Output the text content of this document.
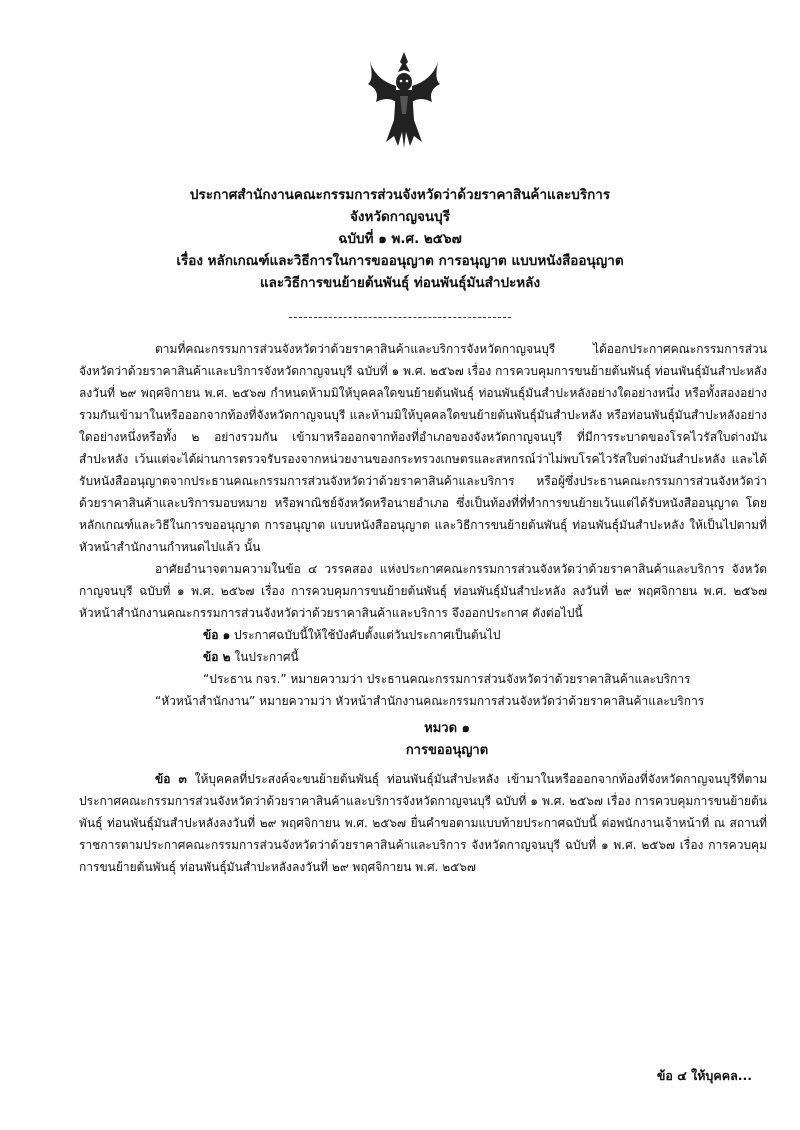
ประกาศสำนักงานคณะกรรมการส่วนจังหวัดว่าด้วยราคาสินค้าและบริการ
จังหวัดกาญจนบุรี
ฉบับที่ ๑ พ.ศ. ๒๕๖๗
เรื่อง หลักเกณฑ์และวิธีการในการขออนุญาต การอนุญาต แบบหนังสืออนุญาต
และวิธีการขนย้ายต้นพันธุ์ ท่อนพันธุ์มันสำปะหลัง

ตามที่คณะกรรมการส่วนจังหวัดว่าด้วยราคาสินค้าและบริการจังหวัดกาญจนบุรี ได้ออกประกาศคณะกรรมการส่วนจังหวัดว่าด้วยราคาสินค้าและบริการจังหวัดกาญจนบุรี ฉบับที่ ๑ พ.ศ. ๒๕๖๗ เรื่อง การควบคุมการขนย้ายต้นพันธุ์ ท่อนพันธุ์มันสำปะหลัง ลงวันที่ ๒๙ พฤศจิกายน พ.ศ. ๒๕๖๗ กำหนดห้ามมิให้บุคคลใดขนย้ายต้นพันธุ์ ท่อนพันธุ์มันสำปะหลังอย่างใดอย่างหนึ่ง หรือทั้งสองอย่างรวมกันเข้ามาในหรือออกจากท้องที่จังหวัดกาญจนบุรี และห้ามมิให้บุคคลใดขนย้ายต้นพันธุ์มันสำปะหลัง หรือท่อนพันธุ์มันสำปะหลังอย่างใดอย่างหนึ่งหรือทั้ง ๒ อย่างรวมกัน เข้ามาหรือออกจากท้องที่อำเภอของจังหวัดกาญจนบุรี ที่มีการระบาดของโรคไวรัสใบด่างมันสำปะหลัง เว้นแต่จะได้ผ่านการตรวจรับรองจากหน่วยงานของกระทรวงเกษตรและสหกรณ์ว่าไม่พบโรคไวรัสใบด่างมันสำปะหลัง และได้รับหนังสืออนุญาตจากประธานคณะกรรมการส่วนจังหวัดว่าด้วยราคาสินค้าและบริการ หรือผู้ซึ่งประธานคณะกรรมการส่วนจังหวัดว่าด้วยราคาสินค้าและบริการมอบหมาย หรือพาณิชย์จังหวัดหรือนายอำเภอ ซึ่งเป็นท้องที่ที่ทำการขนย้ายเว้นแต่ได้รับหนังสืออนุญาต โดยหลักเกณฑ์และวิธีในการขออนุญาต การอนุญาต แบบหนังสืออนุญาต และวิธีการขนย้ายต้นพันธุ์ ท่อนพันธุ์มันสำปะหลัง ให้เป็นไปตามที่หัวหน้าสำนักงานกำหนดไปแล้ว นั้น

อาศัยอำนาจตามความในข้อ ๔ วรรคสอง แห่งประกาศคณะกรรมการส่วนจังหวัดว่าด้วยราคาสินค้าและบริการ จังหวัดกาญจนบุรี ฉบับที่ ๑ พ.ศ. ๒๕๖๗ เรื่อง การควบคุมการขนย้ายต้นพันธุ์ ท่อนพันธุ์มันสำปะหลัง ลงวันที่ ๒๙ พฤศจิกายน พ.ศ. ๒๕๖๗ หัวหน้าสำนักงานคณะกรรมการส่วนจังหวัดว่าด้วยราคาสินค้าและบริการ จึงออกประกาศ ดังต่อไปนี้

ข้อ ๑ ประกาศฉบับนี้ให้ใช้บังคับตั้งแต่วันประกาศเป็นต้นไป

ข้อ ๒ ในประกาศนี้

“ประธาน กจร.” หมายความว่า ประธานคณะกรรมการส่วนจังหวัดว่าด้วยราคาสินค้าและบริการ

“หัวหน้าสำนักงาน” หมายความว่า หัวหน้าสำนักงานคณะกรรมการส่วนจังหวัดว่าด้วยราคาสินค้าและบริการ

หมวด ๑
การขออนุญาต

ข้อ ๓ ให้บุคคลที่ประสงค์จะขนย้ายต้นพันธุ์ ท่อนพันธุ์มันสำปะหลัง เข้ามาในหรือออกจากท้องที่จังหวัดกาญจนบุรีที่ตามประกาศคณะกรรมการส่วนจังหวัดว่าด้วยราคาสินค้าและบริการจังหวัดกาญจนบุรี ฉบับที่ ๑ พ.ศ. ๒๕๖๗ เรื่อง การควบคุมการขนย้ายต้นพันธุ์ ท่อนพันธุ์มันสำปะหลังลงวันที่ ๒๙ พฤศจิกายน พ.ศ. ๒๕๖๗ ยื่นคำขอตามแบบท้ายประกาศฉบับนี้ ต่อพนักงานเจ้าหน้าที่ ณ สถานที่ราชการตามประกาศคณะกรรมการส่วนจังหวัดว่าด้วยราคาสินค้าและบริการ จังหวัดกาญจนบุรี ฉบับที่ ๑ พ.ศ. ๒๕๖๗ เรื่อง การควบคุมการขนย้ายต้นพันธุ์ ท่อนพันธุ์มันสำปะหลังลงวันที่ ๒๙ พฤศจิกายน พ.ศ. ๒๕๖๗

ข้อ ๔ ให้บุคคล...
